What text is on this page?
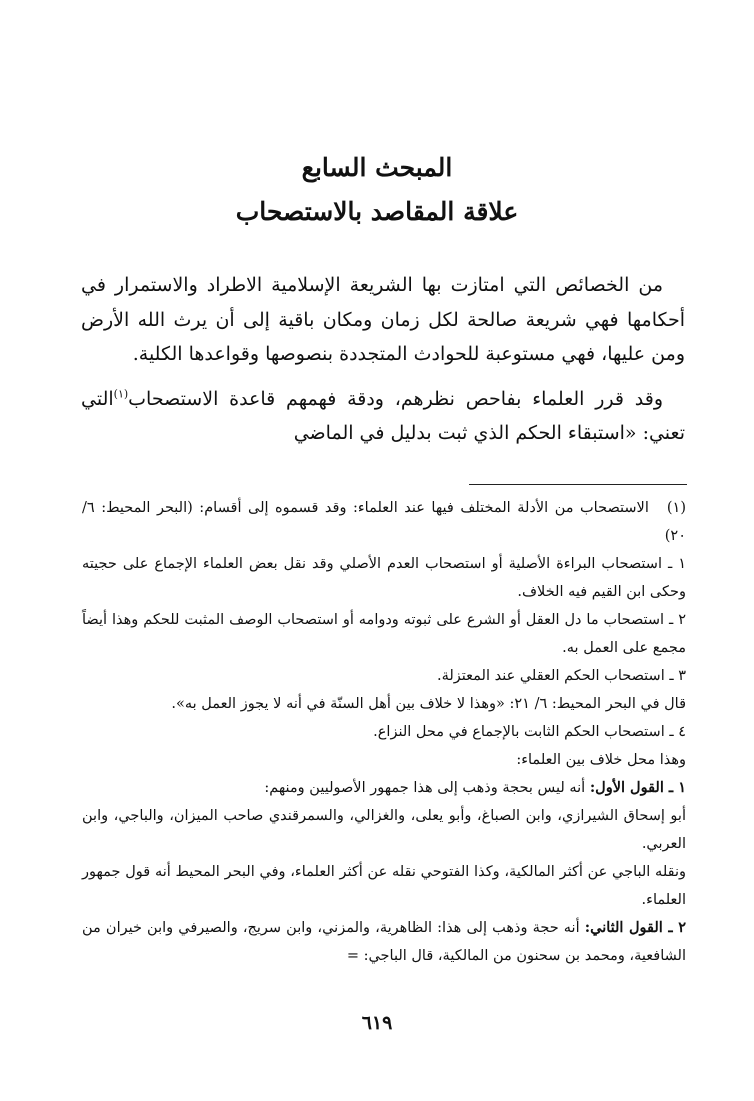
المبحث السابع

علاقة المقاصد بالاستصحاب

من الخصائص التي امتازت بها الشريعة الإسلامية الاطراد والاستمرار في أحكامها فهي شريعة صالحة لكل زمان ومكان باقية إلى أن يرث الله الأرض ومن عليها، فهي مستوعبة للحوادث المتجددة بنصوصها وقواعدها الكلية.

وقد قرر العلماء بفاحص نظرهم، ودقة فهمهم قاعدة الاستصحاب$^{(١)}$التي تعني: «استبقاء الحكم الذي ثبت بدليل في الماضي

(١)الاستصحاب من الأدلة المختلف فيها عند العلماء: وقد قسموه إلى أقسام: (البحر المحيط: ٦/ ٢٠)

١ ـ استصحاب البراءة الأصلية أو استصحاب العدم الأصلي وقد نقل بعض العلماء الإجماع على حجيته وحكى ابن القيم فيه الخلاف.

٢ ـ استصحاب ما دل العقل أو الشرع على ثبوته ودوامه أو استصحاب الوصف المثبت للحكم وهذا أيضاً مجمع على العمل به.

٣ ـ استصحاب الحكم العقلي عند المعتزلة.

قال في البحر المحيط: ٦/ ٢١: «وهذا لا خلاف بين أهل السنّة في أنه لا يجوز العمل به».

٤ ـ استصحاب الحكم الثابت بالإجماع في محل النزاع.

وهذا محل خلاف بين العلماء:

١ ـ القول الأول: أنه ليس بحجة وذهب إلى هذا جمهور الأصوليين ومنهم:

أبو إسحاق الشيرازي، وابن الصباغ، وأبو يعلى، والغزالي، والسمرقندي صاحب الميزان، والباجي، وابن العربي.

ونقله الباجي عن أكثر المالكية، وكذا الفتوحي نقله عن أكثر العلماء، وفي البحر المحيط أنه قول جمهور العلماء.

٢ ـ القول الثاني: أنه حجة وذهب إلى هذا: الظاهرية، والمزني، وابن سريج، والصيرفي وابن خيران من الشافعية، ومحمد بن سحنون من المالكية، قال الباجي: =

٦١٩
